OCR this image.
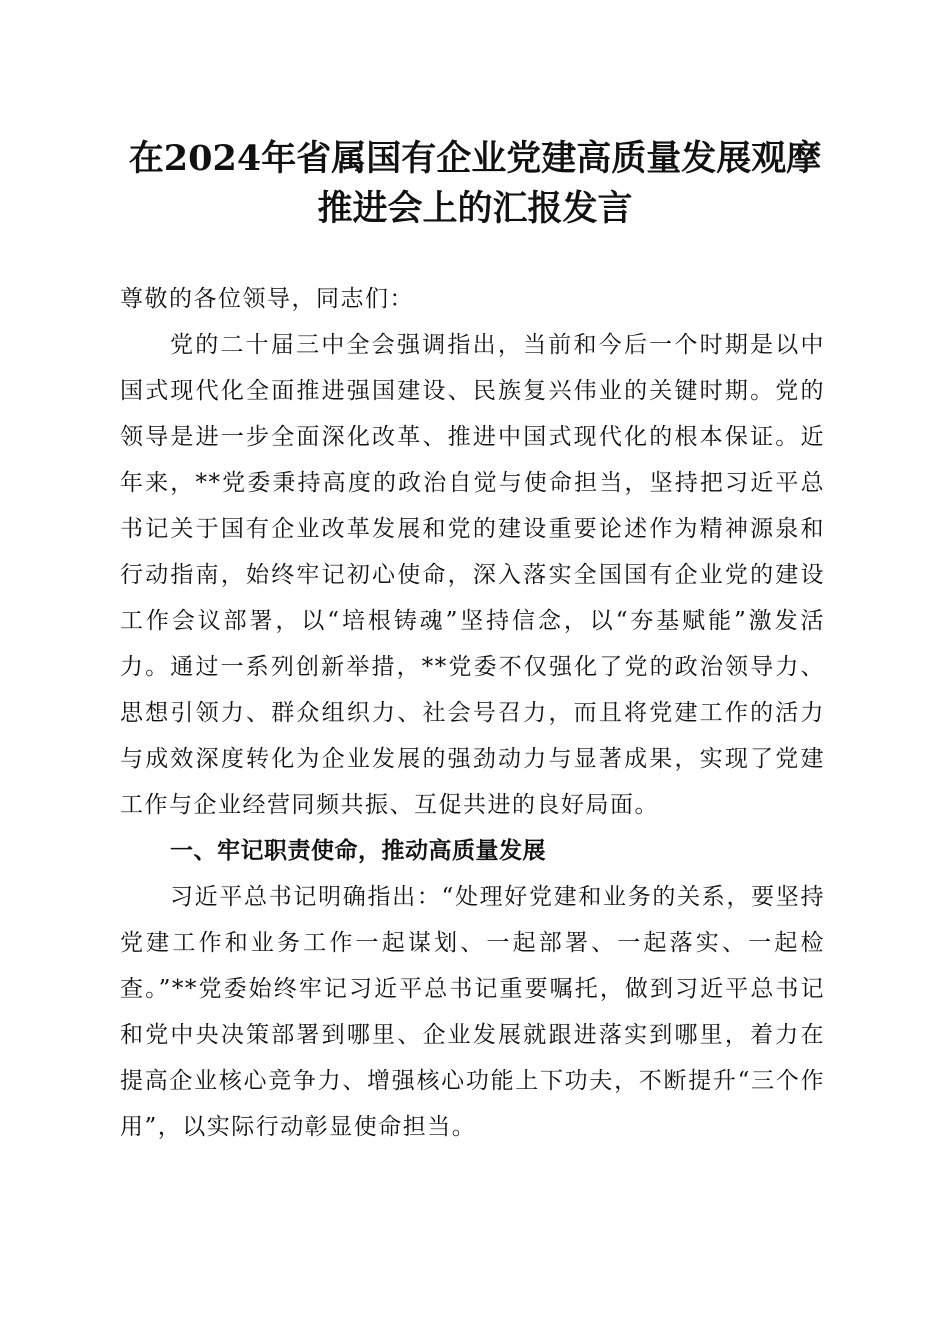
在2024年省属国有企业党建高质量发展观摩
推进会上的汇报发言

尊敬的各位领导，同志们：

党的二十届三中全会强调指出，当前和今后一个时期是以中国式现代化全面推进强国建设、民族复兴伟业的关键时期。党的领导是进一步全面深化改革、推进中国式现代化的根本保证。近年来，**党委秉持高度的政治自觉与使命担当，坚持把习近平总书记关于国有企业改革发展和党的建设重要论述作为精神源泉和行动指南，始终牢记初心使命，深入落实全国国有企业党的建设工作会议部署，以“培根铸魂”坚持信念，以“夯基赋能”激发活力。通过一系列创新举措，**党委不仅强化了党的政治领导力、思想引领力、群众组织力、社会号召力，而且将党建工作的活力与成效深度转化为企业发展的强劲动力与显著成果，实现了党建工作与企业经营同频共振、互促共进的良好局面。

一、牢记职责使命，推动高质量发展

习近平总书记明确指出：“处理好党建和业务的关系，要坚持党建工作和业务工作一起谋划、一起部署、一起落实、一起检查。”**党委始终牢记习近平总书记重要嘱托，做到习近平总书记和党中央决策部署到哪里、企业发展就跟进落实到哪里，着力在提高企业核心竞争力、增强核心功能上下功夫，不断提升“三个作用”，以实际行动彰显使命担当。
